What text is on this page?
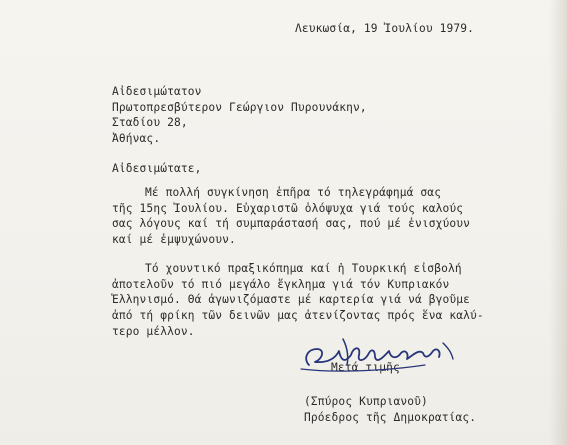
Λευκωσία, 19 Ἰουλίου 1979.
Αἰδεσιμώτατον
Πρωτοπρεσβύτερον Γεώργιον Πυρουνάκην,
Σταδίου 28,
Ἀθήνας.
Αἰδεσιμώτατε,
Μέ πολλή συγκίνηση ἐπῆρα τό τηλεγράφημά σας
τῆς 15ης Ἰουλίου. Εὐχαριστῶ ὁλόψυχα γιά τούς καλούς
σας λόγους καί τή συμπαράστασή σας, πού μέ ἐνισχύουν
καί μέ ἐμψυχώνουν.
Τό χουντικό πραξικόπημα καί ἡ Τουρκική εἰσβολή
ἀποτελοῦν τό πιό μεγάλο ἔγκλημα γιά τόν Κυπριακόν
Ἑλληνισμό. Θά ἀγωνιζόμαστε μέ καρτερία γιά νά βγοῦμε
ἀπό τή φρίκη τῶν δεινῶν μας ἀτενίζοντας πρός ἕνα καλύ-
τερο μέλλον.
Μετά τιμῆς
(Σπύρος Κυπριανοῦ)
Πρόεδρος τῆς Δημοκρατίας.
